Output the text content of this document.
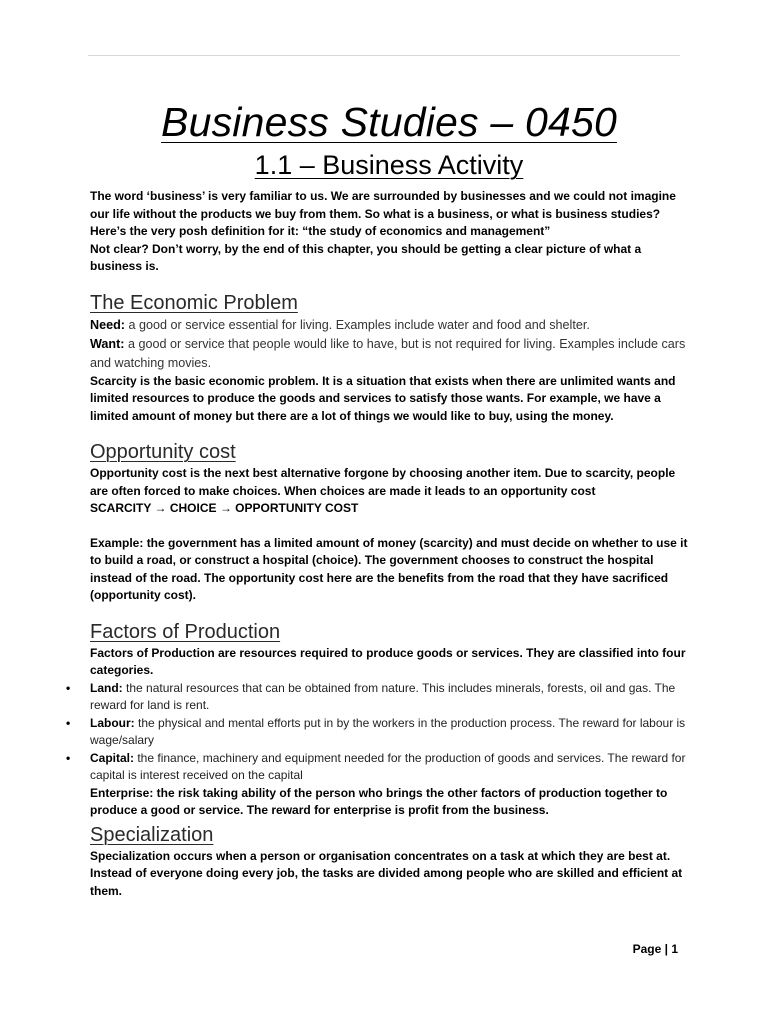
Business Studies – 0450
1.1 – Business Activity

The word ‘business’ is very familiar to us. We are surrounded by businesses and we could not imagine our life without the products we buy from them. So what is a business, or what is business studies? Here’s the very posh definition for it: “the study of economics and management”

Not clear? Don’t worry, by the end of this chapter, you should be getting a clear picture of what a business is.

The Economic Problem

Need: a good or service essential for living. Examples include water and food and shelter.

Want: a good or service that people would like to have, but is not required for living. Examples include cars and watching movies.

Scarcity is the basic economic problem. It is a situation that exists when there are unlimited wants and limited resources to produce the goods and services to satisfy those wants. For example, we have a limited amount of money but there are a lot of things we would like to buy, using the money.

Opportunity cost

Opportunity cost is the next best alternative forgone by choosing another item. Due to scarcity, people are often forced to make choices. When choices are made it leads to an opportunity cost

SCARCITY → CHOICE → OPPORTUNITY COST

Example: the government has a limited amount of money (scarcity) and must decide on whether to use it to build a road, or construct a hospital (choice). The government chooses to construct the hospital instead of the road. The opportunity cost here are the benefits from the road that they have sacrificed (opportunity cost).

Factors of Production

Factors of Production are resources required to produce goods or services. They are classified into four categories.

• Land: the natural resources that can be obtained from nature. This includes minerals, forests, oil and gas. The reward for land is rent.
• Labour: the physical and mental efforts put in by the workers in the production process. The reward for labour is wage/salary
• Capital: the finance, machinery and equipment needed for the production of goods and services. The reward for capital is interest received on the capital

Enterprise: the risk taking ability of the person who brings the other factors of production together to produce a good or service. The reward for enterprise is profit from the business.

Specialization

Specialization occurs when a person or organisation concentrates on a task at which they are best at. Instead of everyone doing every job, the tasks are divided among people who are skilled and efficient at them.

Page | 1
